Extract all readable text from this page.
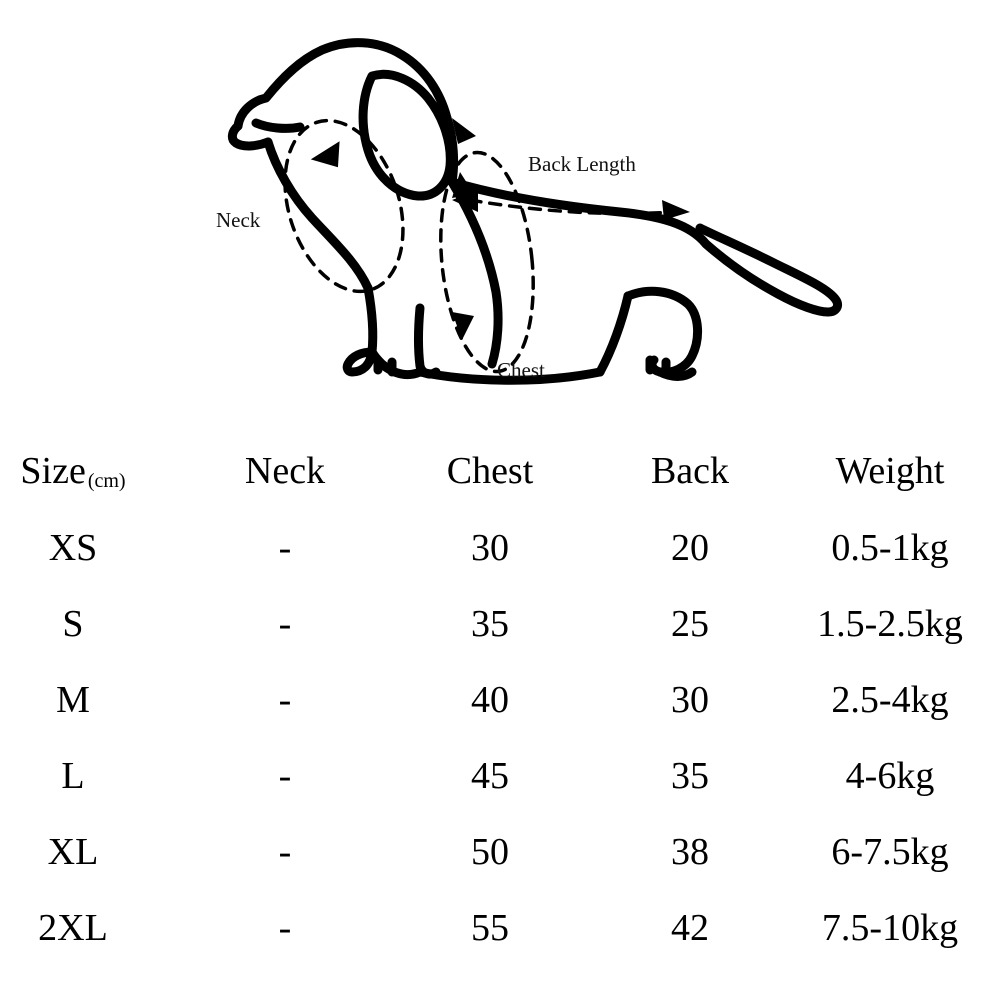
Neck
Chest
Back Length
Size (cm)	Neck	Chest	Back	Weight
XS	-	30	20	0.5-1kg
S	-	35	25	1.5-2.5kg
M	-	40	30	2.5-4kg
L	-	45	35	4-6kg
XL	-	50	38	6-7.5kg
2XL	-	55	42	7.5-10kg
